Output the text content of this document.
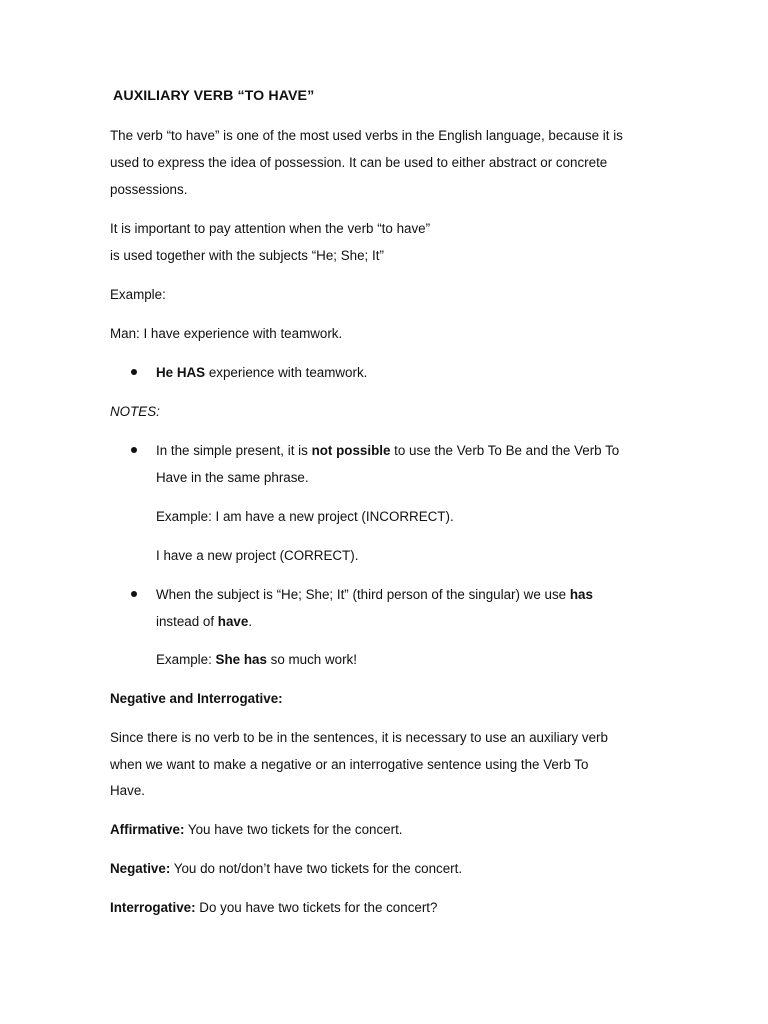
AUXILIARY VERB “TO HAVE”
The verb “to have” is one of the most used verbs in the English language, because it is
used to express the idea of possession. It can be used to either abstract or concrete
possessions.
It is important to pay attention when the verb “to have”
is used together with the subjects “He; She; It”
Example:
Man: I have experience with teamwork.
He HAS experience with teamwork.
NOTES:
In the simple present, it is not possible to use the Verb To Be and the Verb To
Have in the same phrase.
Example: I am have a new project (INCORRECT).
I have a new project (CORRECT).
When the subject is “He; She; It” (third person of the singular) we use has
instead of have.
Example: She has so much work!
Negative and Interrogative:
Since there is no verb to be in the sentences, it is necessary to use an auxiliary verb
when we want to make a negative or an interrogative sentence using the Verb To
Have.
Affirmative: You have two tickets for the concert.
Negative: You do not/don’t have two tickets for the concert.
Interrogative: Do you have two tickets for the concert?
